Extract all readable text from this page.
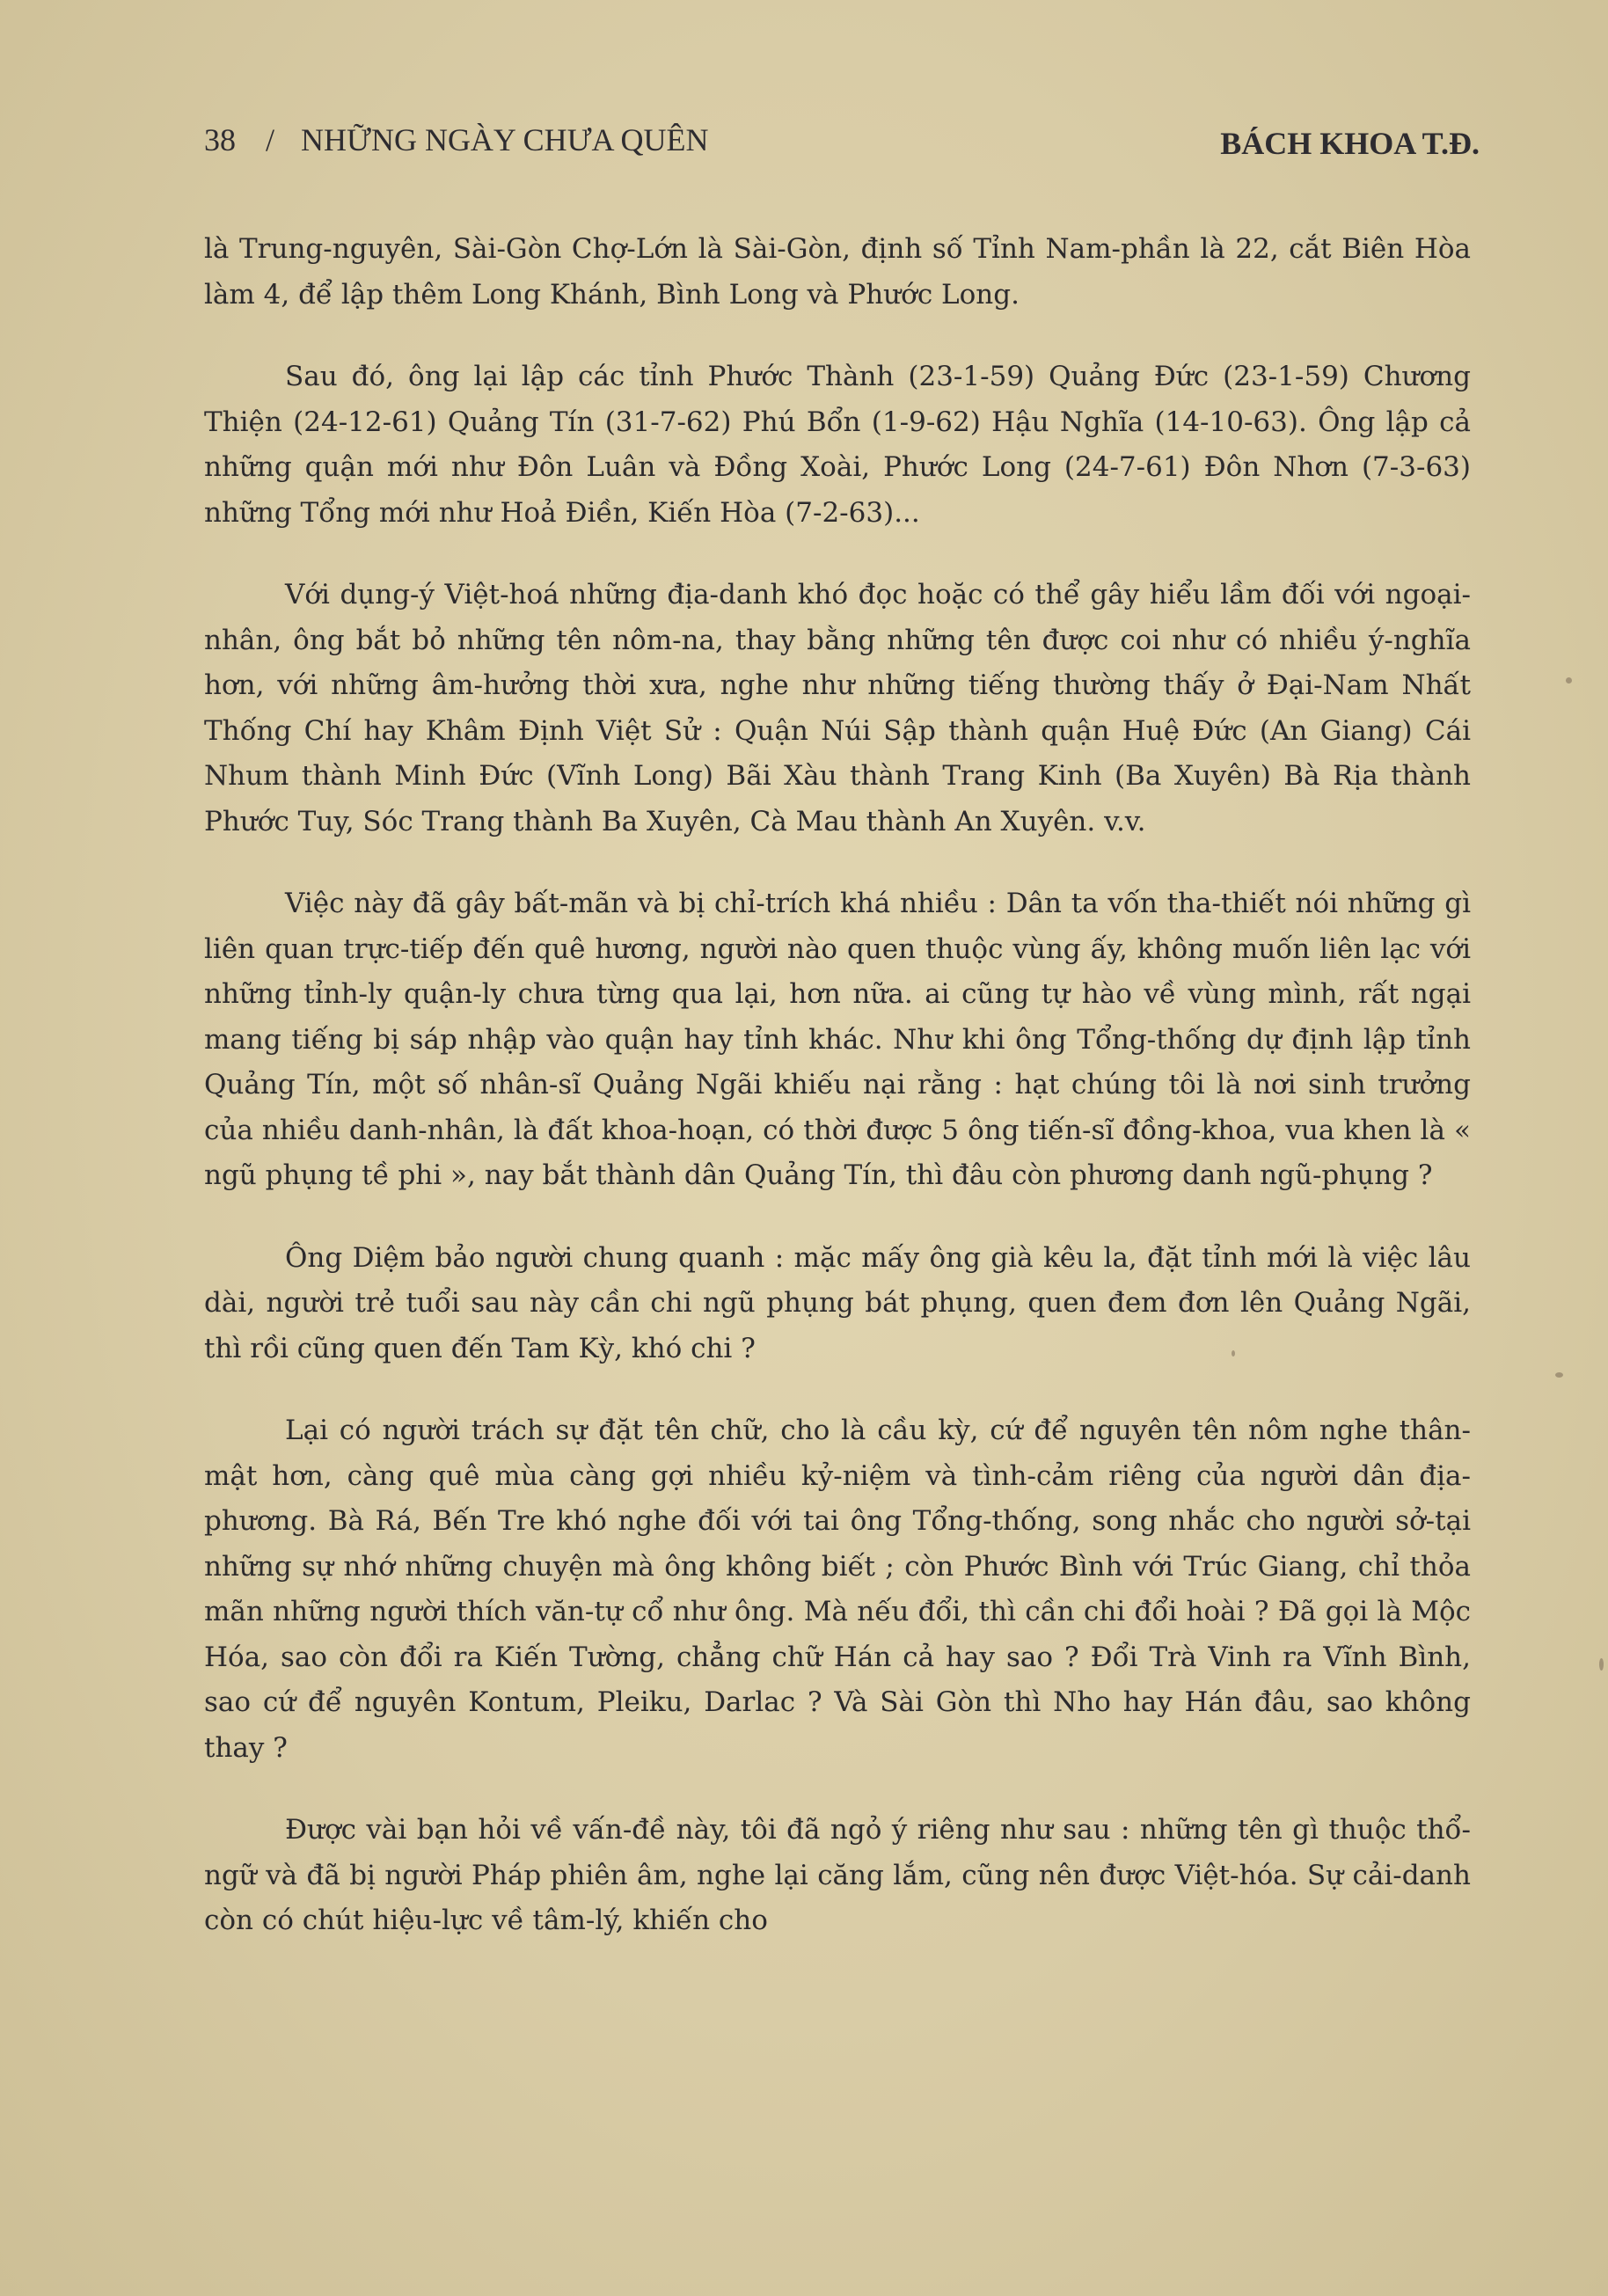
38 / NHỮNG NGÀY CHƯA QUÊN	BÁCH KHOA T.Đ.

là Trung-nguyên, Sài-Gòn Chợ-Lớn là Sài-Gòn, định số Tỉnh Nam-phần là 22, cắt Biên Hòa làm 4, để lập thêm Long Khánh, Bình Long và Phước Long.

Sau đó, ông lại lập các tỉnh Phước Thành (23-1-59) Quảng Đức (23-1-59) Chương Thiện (24-12-61) Quảng Tín (31-7-62) Phú Bổn (1-9-62) Hậu Nghĩa (14-10-63). Ông lập cả những quận mới như Đôn Luân và Đồng Xoài, Phước Long (24-7-61) Đôn Nhơn (7-3-63) những Tổng mới như Hoả Điền, Kiến Hòa (7-2-63)...

Với dụng-ý Việt-hoá những địa-danh khó đọc hoặc có thể gây hiểu lầm đối với ngoại-nhân, ông bắt bỏ những tên nôm-na, thay bằng những tên được coi như có nhiều ý-nghĩa hơn, với những âm-hưởng thời xưa, nghe như những tiếng thường thấy ở Đại-Nam Nhất Thống Chí hay Khâm Định Việt Sử : Quận Núi Sập thành quận Huệ Đức (An Giang) Cái Nhum thành Minh Đức (Vĩnh Long) Bãi Xàu thành Trang Kinh (Ba Xuyên) Bà Rịa thành Phước Tuy, Sóc Trang thành Ba Xuyên, Cà Mau thành An Xuyên. v.v.

Việc này đã gây bất-mãn và bị chỉ-trích khá nhiều : Dân ta vốn tha-thiết nói những gì liên quan trực-tiếp đến quê hương, người nào quen thuộc vùng ấy, không muốn liên lạc với những tỉnh-ly quận-ly chưa từng qua lại, hơn nữa. ai cũng tự hào về vùng mình, rất ngại mang tiếng bị sáp nhập vào quận hay tỉnh khác. Như khi ông Tổng-thống dự định lập tỉnh Quảng Tín, một số nhân-sĩ Quảng Ngãi khiếu nại rằng : hạt chúng tôi là nơi sinh trưởng của nhiều danh-nhân, là đất khoa-hoạn, có thời được 5 ông tiến-sĩ đồng-khoa, vua khen là « ngũ phụng tề phi », nay bắt thành dân Quảng Tín, thì đâu còn phương danh ngũ-phụng ?

Ông Diệm bảo người chung quanh : mặc mấy ông già kêu la, đặt tỉnh mới là việc lâu dài, người trẻ tuổi sau này cần chi ngũ phụng bát phụng, quen đem đơn lên Quảng Ngãi, thì rồi cũng quen đến Tam Kỳ, khó chi ?

Lại có người trách sự đặt tên chữ, cho là cầu kỳ, cứ để nguyên tên nôm nghe thân-mật hơn, càng quê mùa càng gợi nhiều kỷ-niệm và tình-cảm riêng của người dân địa-phương. Bà Rá, Bến Tre khó nghe đối với tai ông Tổng-thống, song nhắc cho người sở-tại những sự nhớ những chuyện mà ông không biết ; còn Phước Bình với Trúc Giang, chỉ thỏa mãn những người thích văn-tự cổ như ông. Mà nếu đổi, thì cần chi đổi hoài ? Đã gọi là Mộc Hóa, sao còn đổi ra Kiến Tường, chẳng chữ Hán cả hay sao ? Đổi Trà Vinh ra Vĩnh Bình, sao cứ để nguyên Kontum, Pleiku, Darlac ? Và Sài Gòn thì Nho hay Hán đâu, sao không thay ?

Được vài bạn hỏi về vấn-đề này, tôi đã ngỏ ý riêng như sau : những tên gì thuộc thổ-ngữ và đã bị người Pháp phiên âm, nghe lại căng lắm, cũng nên được Việt-hóa. Sự cải-danh còn có chút hiệu-lực về tâm-lý, khiến cho
